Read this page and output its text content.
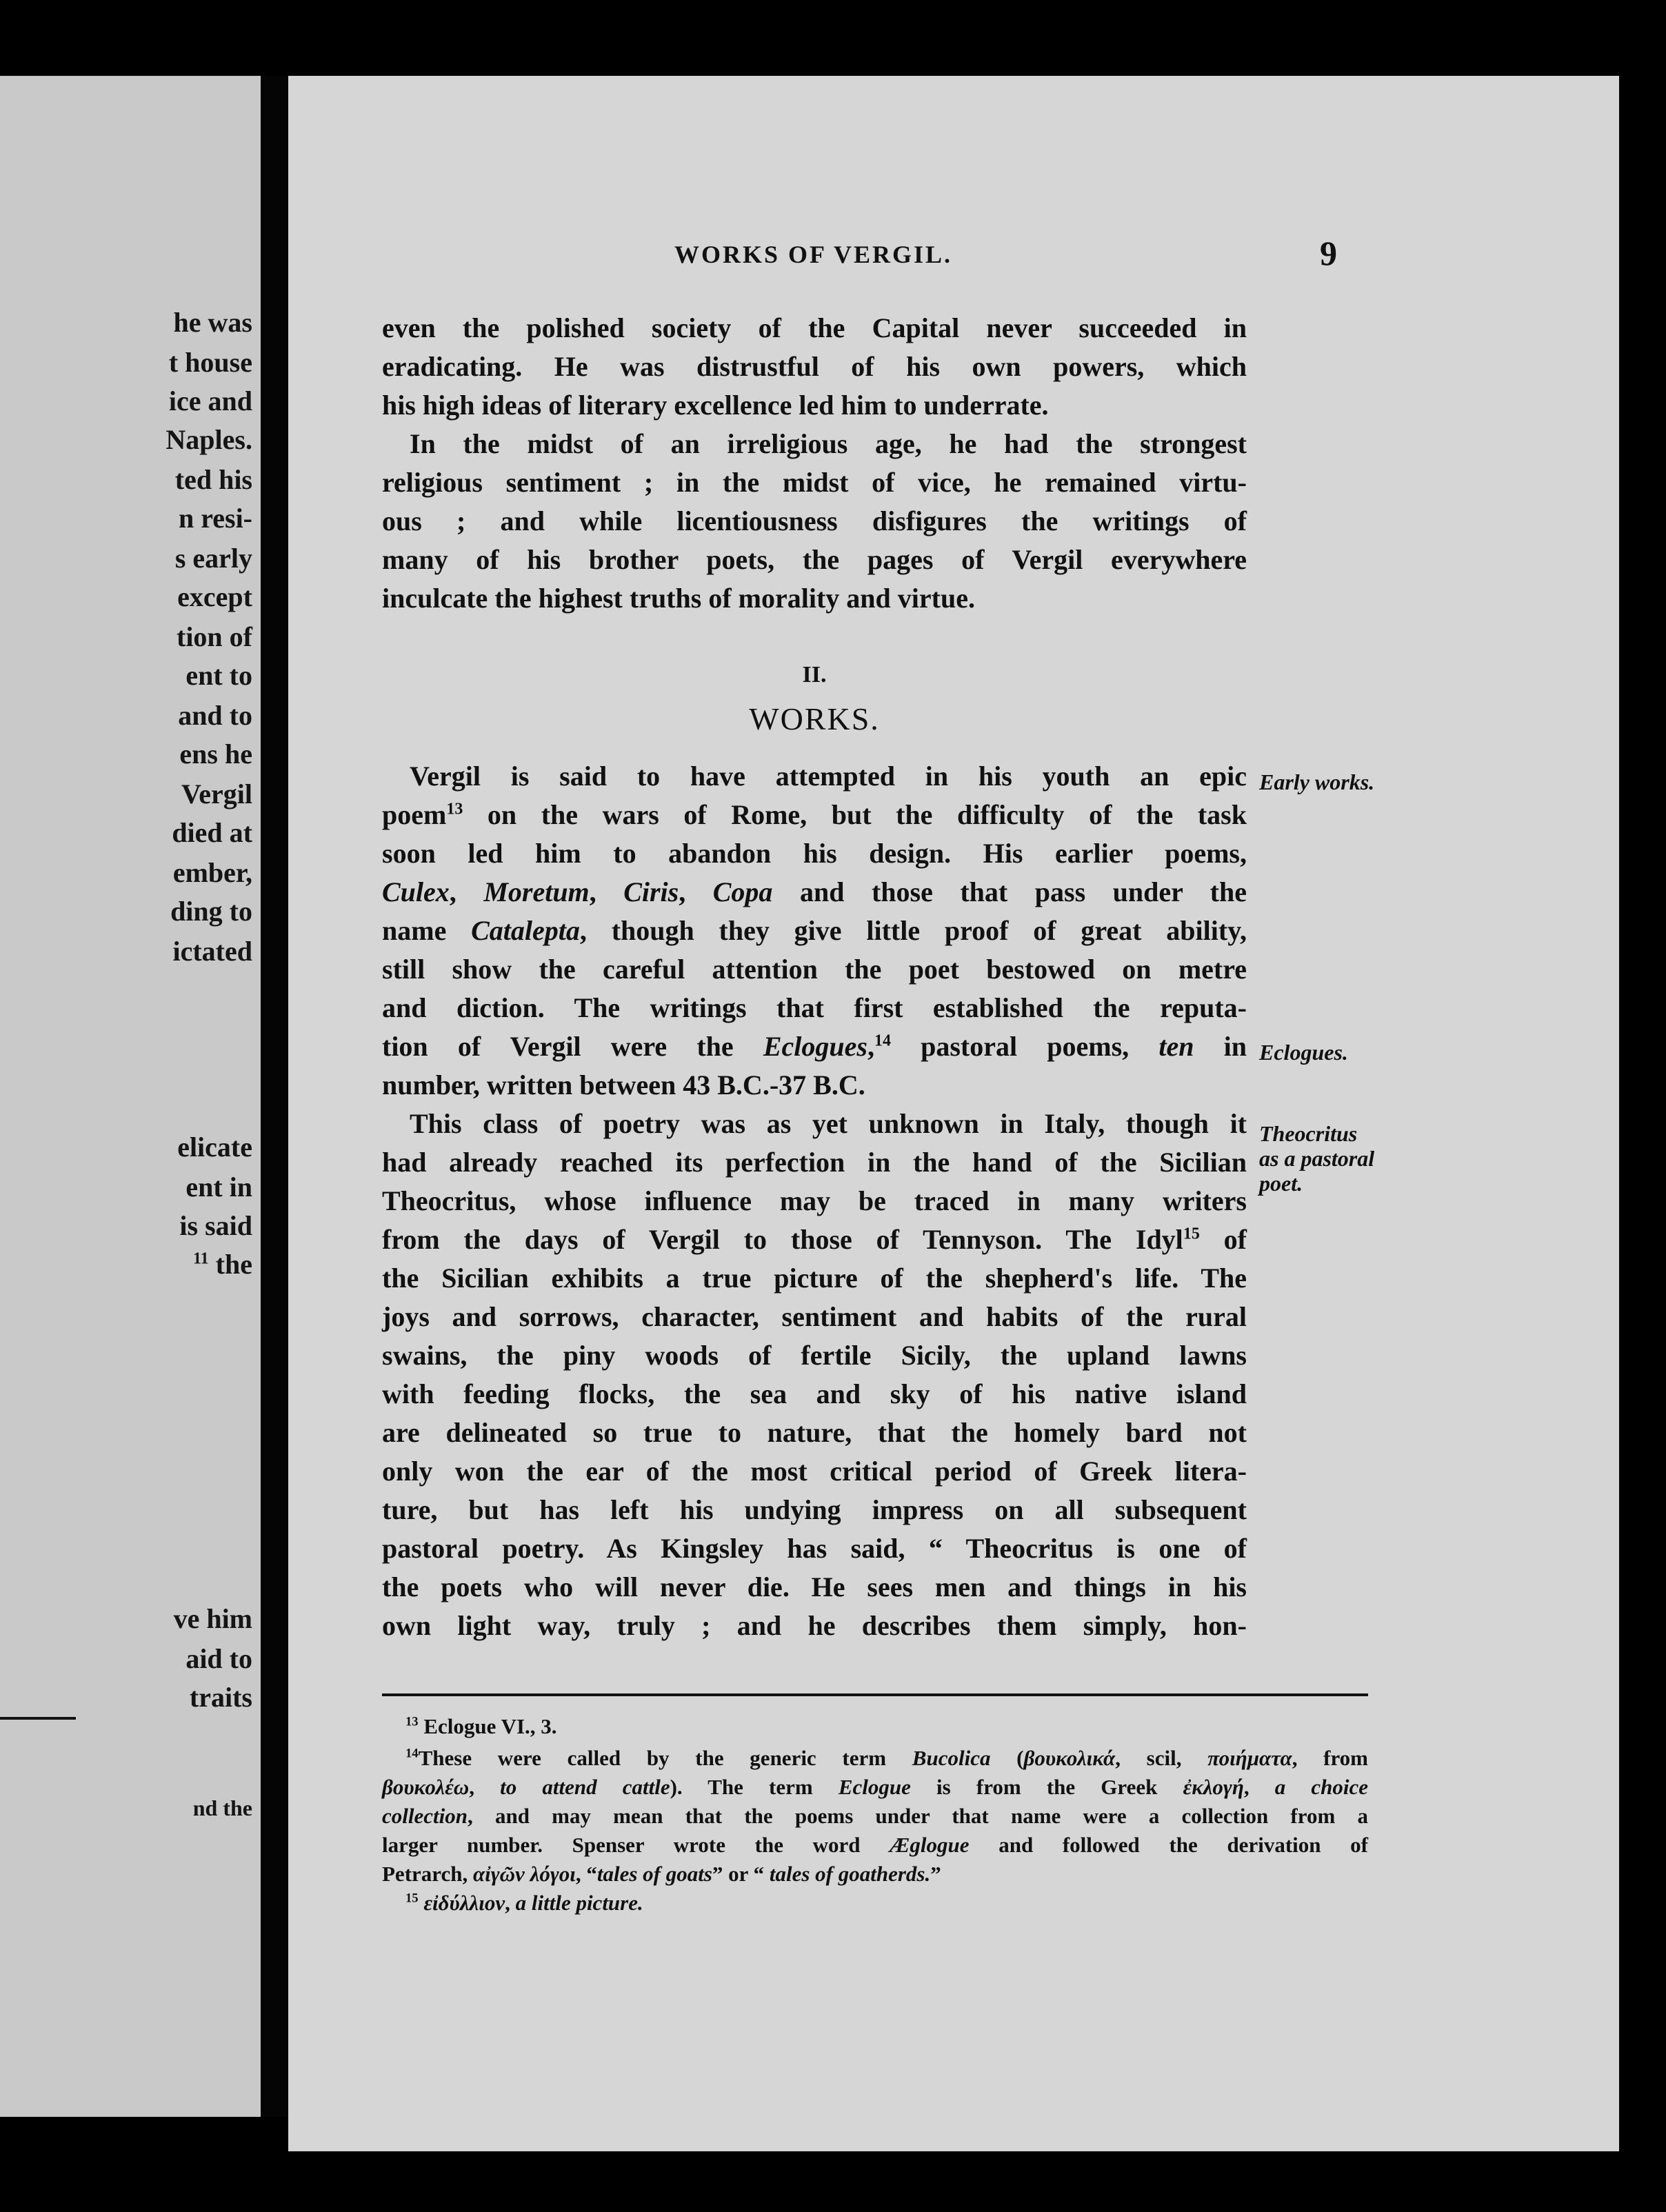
he was
t house
ice and
Naples.
ted his
n resi-
s early
except
tion of
ent to
and to
ens he
Vergil
died at
ember,
ding to
ictated
elicate
ent in
is said
$^{11}$ the
ve him
aid to
traits
nd the
WORKS OF VERGIL.	9
even the polished society of the Capital never succeeded in
eradicating. He was distrustful of his own powers, which
his high ideas of literary excellence led him to underrate.
In the midst of an irreligious age, he had the strongest
religious sentiment ; in the midst of vice, he remained virtu-
ous ; and while licentiousness disfigures the writings of
many of his brother poets, the pages of Vergil everywhere
inculcate the highest truths of morality and virtue.
II.
WORKS.
Vergil is said to have attempted in his youth an epic
poem$^{13}$ on the wars of Rome, but the difficulty of the task
soon led him to abandon his design. His earlier poems,
Culex, Moretum, Ciris, Copa and those that pass under the
name Catalepta, though they give little proof of great ability,
still show the careful attention the poet bestowed on metre
and diction. The writings that first established the reputa-
tion of Vergil were the Eclogues,$^{14}$ pastoral poems, ten in
number, written between 43 B.C.-37 B.C.
This class of poetry was as yet unknown in Italy, though it
had already reached its perfection in the hand of the Sicilian
Theocritus, whose influence may be traced in many writers
from the days of Vergil to those of Tennyson. The Idyl$^{15}$ of
the Sicilian exhibits a true picture of the shepherd's life. The
joys and sorrows, character, sentiment and habits of the rural
swains, the piny woods of fertile Sicily, the upland lawns
with feeding flocks, the sea and sky of his native island
are delineated so true to nature, that the homely bard not
only won the ear of the most critical period of Greek litera-
ture, but has left his undying impress on all subsequent
pastoral poetry. As Kingsley has said, “ Theocritus is one of
the poets who will never die. He sees men and things in his
own light way, truly ; and he describes them simply, hon-
Early works.
Eclogues.
Theocritus
as a pastoral
poet.
$^{13}$ Eclogue VI., 3.
$^{14}$These were called by the generic term Bucolica (βουκολικά, scil, ποιήματα, from
βουκολέω, to attend cattle). The term Eclogue is from the Greek ἐκλογή, a choice
collection, and may mean that the poems under that name were a collection from a
larger number. Spenser wrote the word Æglogue and followed the derivation of
Petrarch, αἰγῶν λόγοι, “tales of goats” or “ tales of goatherds.”
$^{15}$ εἰδύλλιον, a little picture.
